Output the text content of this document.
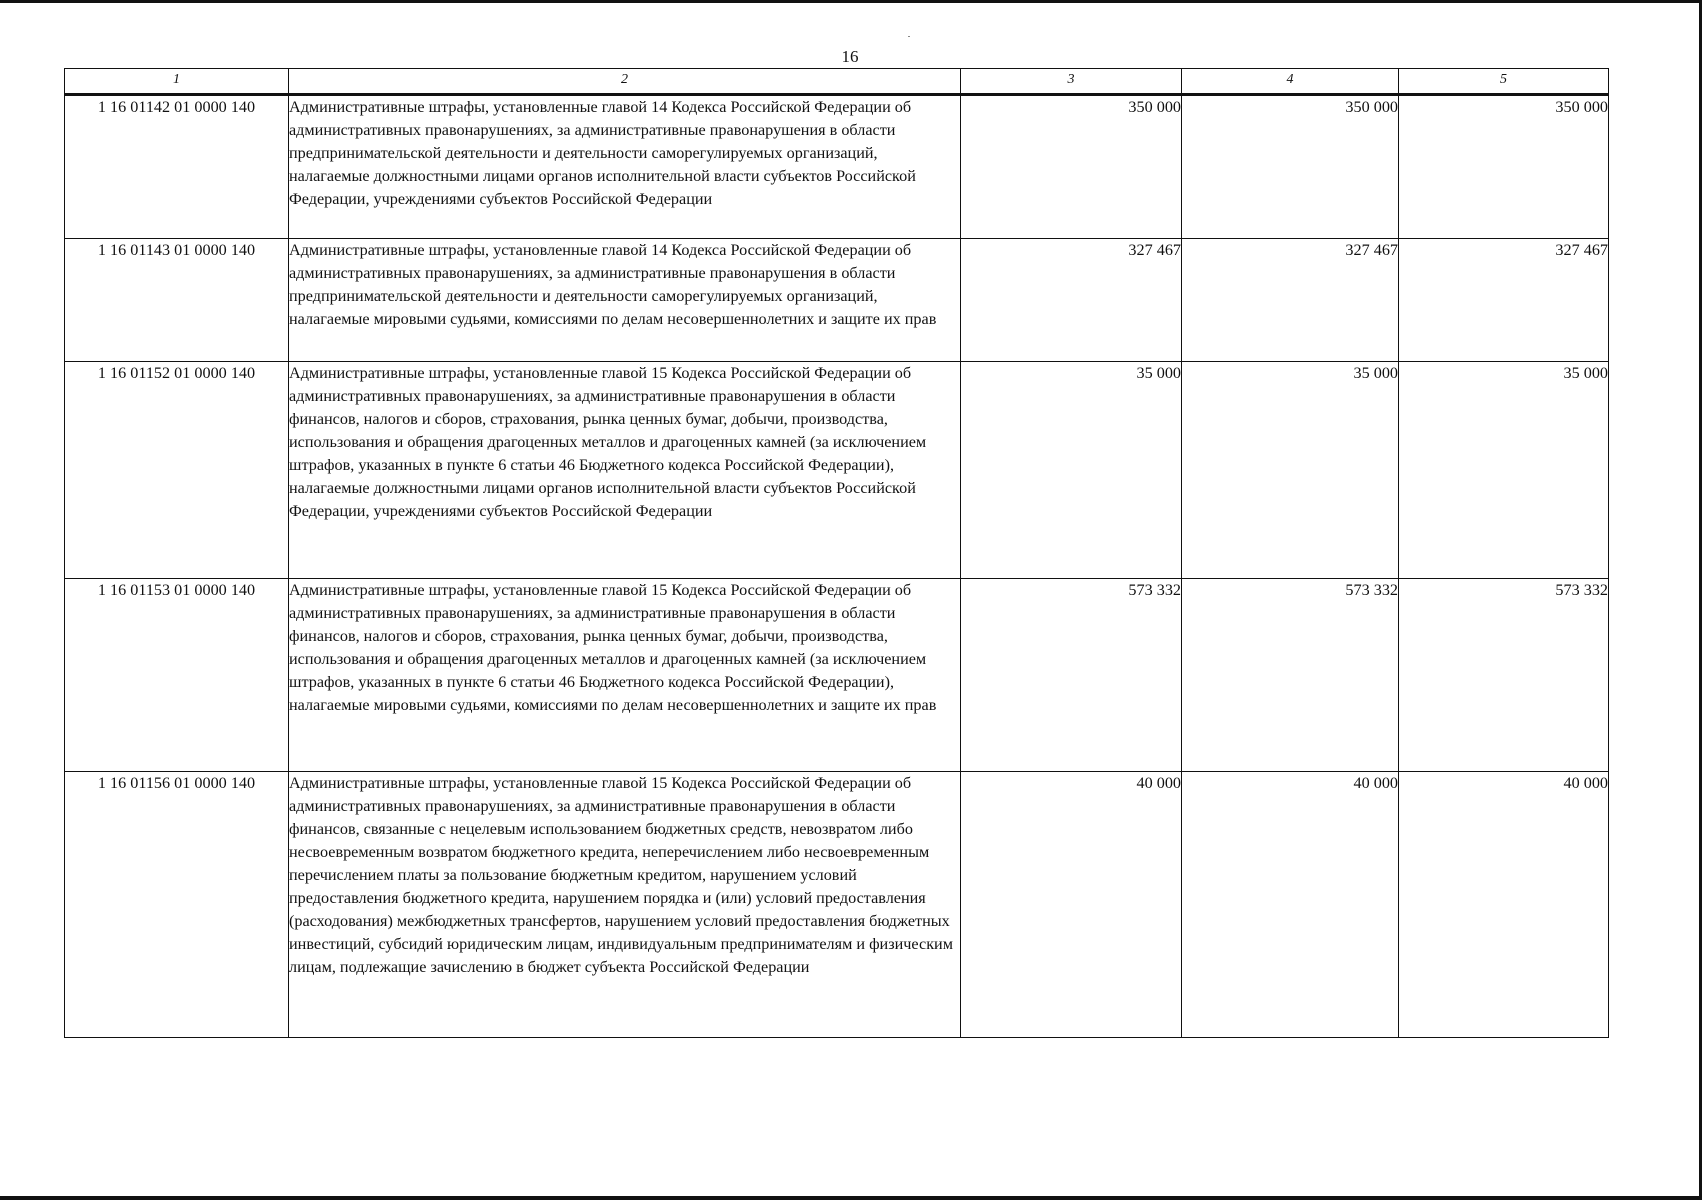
16
1	2	3	4	5
1 16 01142 01 0000 140	Административные штрафы, установленные главой 14 Кодекса Российской Федерации об административных правонарушениях, за административные правонарушения в области предпринимательской деятельности и деятельности саморегулируемых организаций, налагаемые должностными лицами органов исполнительной власти субъектов Российской Федерации, учреждениями субъектов Российской Федерации	350 000	350 000	350 000
1 16 01143 01 0000 140	Административные штрафы, установленные главой 14 Кодекса Российской Федерации об административных правонарушениях, за административные правонарушения в области предпринимательской деятельности и деятельности саморегулируемых организаций, налагаемые мировыми судьями, комиссиями по делам несовершеннолетних и защите их прав	327 467	327 467	327 467
1 16 01152 01 0000 140	Административные штрафы, установленные главой 15 Кодекса Российской Федерации об административных правонарушениях, за административные правонарушения в области финансов, налогов и сборов, страхования, рынка ценных бумаг, добычи, производства, использования и обращения драгоценных металлов и драгоценных камней (за исключением штрафов, указанных в пункте 6 статьи 46 Бюджетного кодекса Российской Федерации), налагаемые должностными лицами органов исполнительной власти субъектов Российской Федерации, учреждениями субъектов Российской Федерации	35 000	35 000	35 000
1 16 01153 01 0000 140	Административные штрафы, установленные главой 15 Кодекса Российской Федерации об административных правонарушениях, за административные правонарушения в области финансов, налогов и сборов, страхования, рынка ценных бумаг, добычи, производства, использования и обращения драгоценных металлов и драгоценных камней (за исключением штрафов, указанных в пункте 6 статьи 46 Бюджетного кодекса Российской Федерации), налагаемые мировыми судьями, комиссиями по делам несовершеннолетних и защите их прав	573 332	573 332	573 332
1 16 01156 01 0000 140	Административные штрафы, установленные главой 15 Кодекса Российской Федерации об административных правонарушениях, за административные правонарушения в области финансов, связанные с нецелевым использованием бюджетных средств, невозвратом либо несвоевременным возвратом бюджетного кредита, неперечислением либо несвоевременным перечислением платы за пользование бюджетным кредитом, нарушением условий предоставления бюджетного кредита, нарушением порядка и (или) условий предоставления (расходования) межбюджетных трансфертов, нарушением условий предоставления бюджетных инвестиций, субсидий юридическим лицам, индивидуальным предпринимателям и физическим лицам, подлежащие зачислению в бюджет субъекта Российской Федерации	40 000	40 000	40 000
